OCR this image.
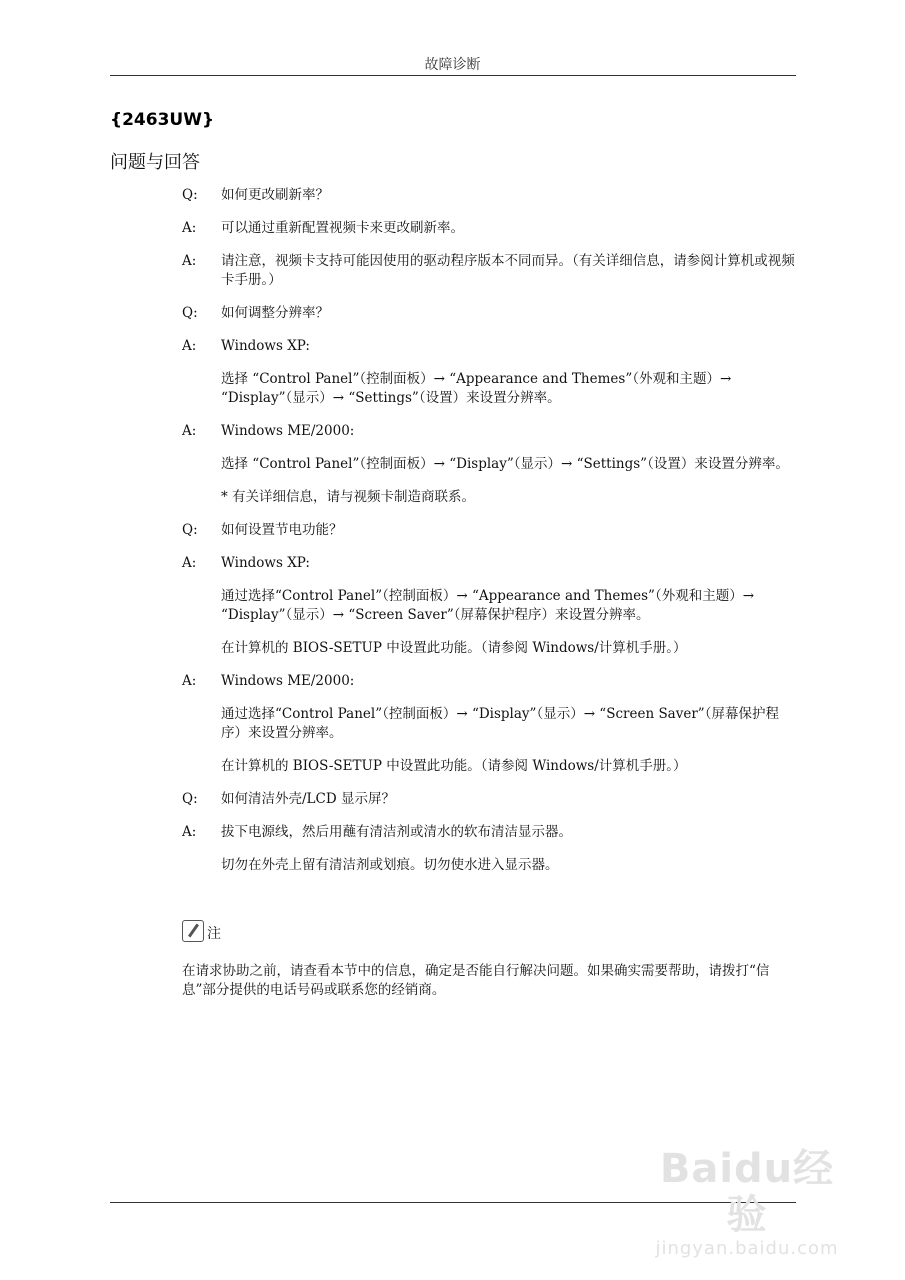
故障诊断
{2463UW}
问题与回答
Q: 如何更改刷新率？
A: 可以通过重新配置视频卡来更改刷新率。
A: 请注意，视频卡支持可能因使用的驱动程序版本不同而异。（有关详细信息，请参阅计算机或视频卡手册。）
Q: 如何调整分辨率？
A: Windows XP:
选择 “Control Panel”（控制面板）→ “Appearance and Themes”（外观和主题）→ “Display”（显示）→ “Settings”（设置）来设置分辨率。
A: Windows ME/2000:
选择 “Control Panel”（控制面板）→ “Display”（显示）→ “Settings”（设置）来设置分辨率。
* 有关详细信息，请与视频卡制造商联系。
Q: 如何设置节电功能？
A: Windows XP:
通过选择“Control Panel”（控制面板）→ “Appearance and Themes”（外观和主题）→ “Display”（显示）→ “Screen Saver”（屏幕保护程序）来设置分辨率。
在计算机的 BIOS-SETUP 中设置此功能。（请参阅 Windows/计算机手册。）
A: Windows ME/2000:
通过选择“Control Panel”（控制面板）→ “Display”（显示）→ “Screen Saver”（屏幕保护程序）来设置分辨率。
在计算机的 BIOS-SETUP 中设置此功能。（请参阅 Windows/计算机手册。）
Q: 如何清洁外壳/LCD 显示屏？
A: 拔下电源线，然后用蘸有清洁剂或清水的软布清洁显示器。
切勿在外壳上留有清洁剂或划痕。切勿使水进入显示器。
注
在请求协助之前，请查看本节中的信息，确定是否能自行解决问题。如果确实需要帮助，请拨打“信息”部分提供的电话号码或联系您的经销商。
Baidu经验
jingyan.baidu.com
